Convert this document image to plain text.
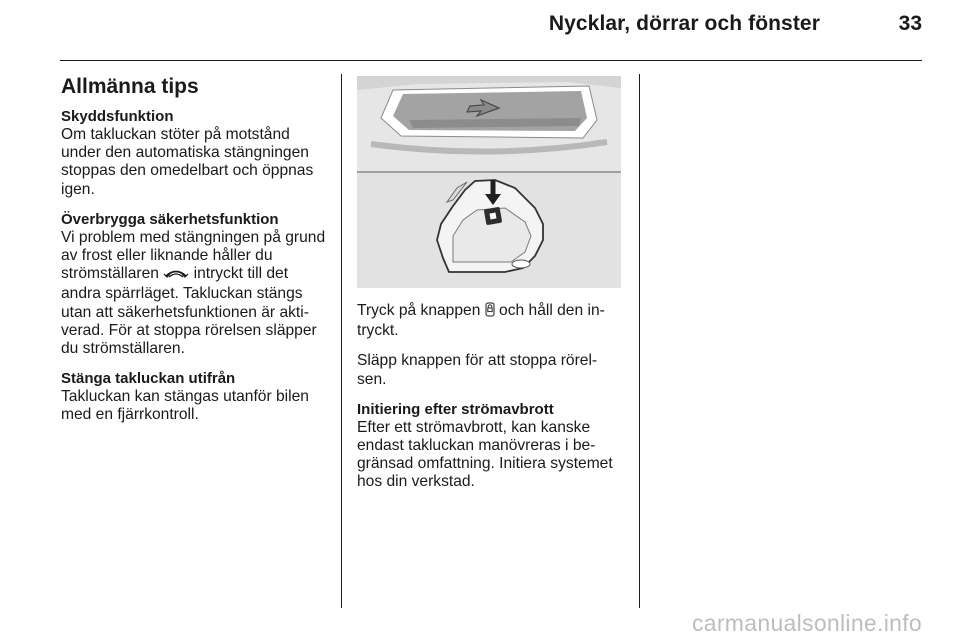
Nycklar, dörrar och fönster	33
Allmänna tips
Skyddsfunktion

Om takluckan stöter på motstånd under den automatiska stängningen stoppas den omedelbart och öppnas igen.

Överbrygga säkerhetsfunktion

Vi problem med stängningen på grund av frost eller liknande håller du strömställaren  intryckt till det andra spärrläget. Takluckan stängs utan att säkerhetsfunktionen är akti-verad. För at stoppa rörelsen släpper du strömställaren.

Stänga takluckan utifrån

Takluckan kan stängas utanför bilen med en fjärrkontroll.

Tryck på knappen  och håll den in-tryckt.

Släpp knappen för att stoppa rörel-sen.

Initiering efter strömavbrott

Efter ett strömavbrott, kan kanske endast takluckan manövreras i be-gränsad omfattning. Initiera systemet hos din verkstad.

carmanualsonline.info
